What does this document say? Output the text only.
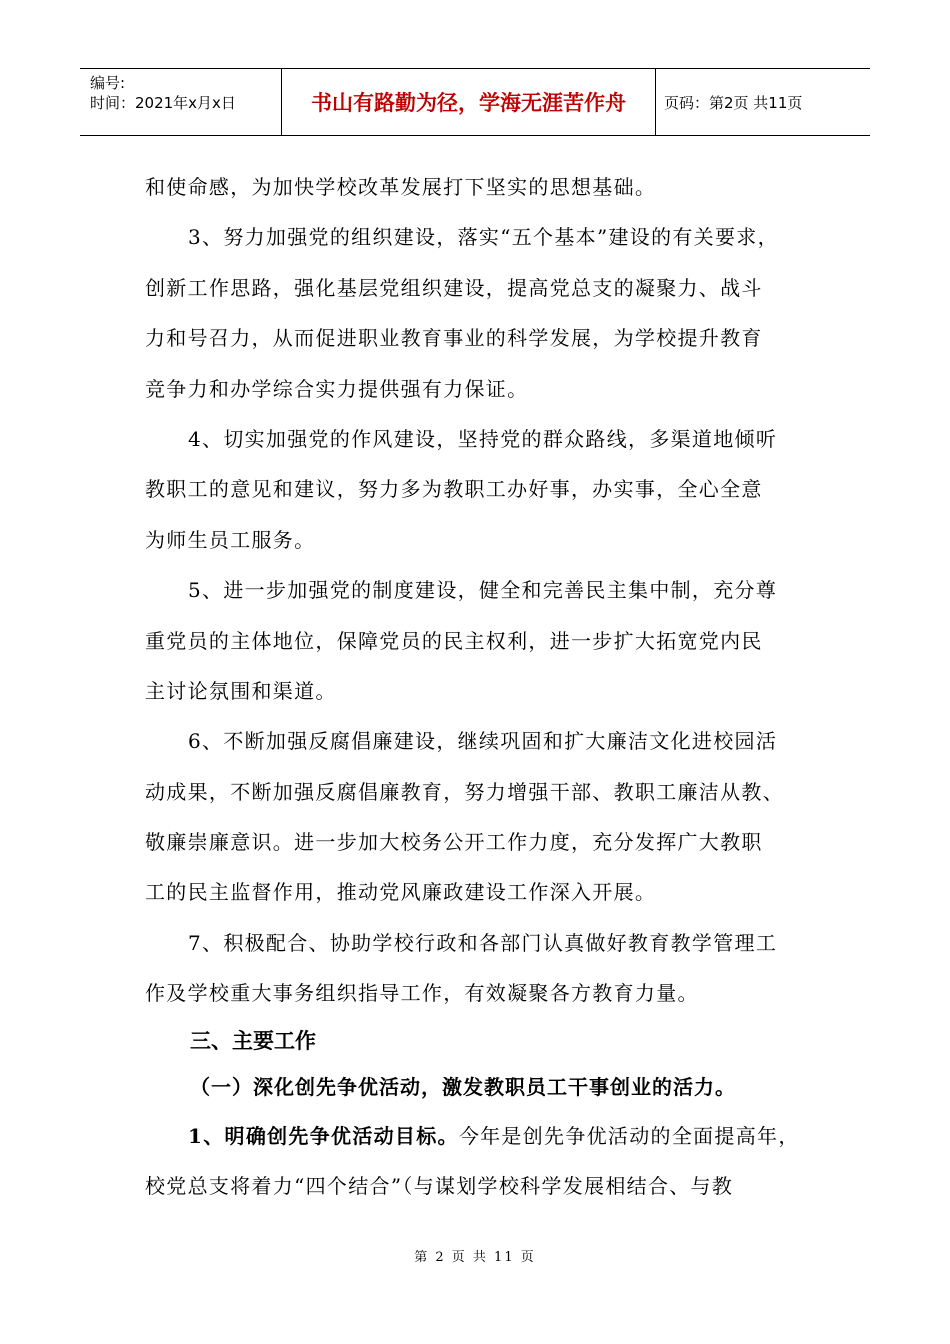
编号:
时间：2021年x月x日	书山有路勤为径，学海无涯苦作舟	页码：第2页 共11页
和使命感，为加快学校改革发展打下坚实的思想基础。
3、努力加强党的组织建设，落实“五个基本”建设的有关要求，
创新工作思路，强化基层党组织建设，提高党总支的凝聚力、战斗
力和号召力，从而促进职业教育事业的科学发展，为学校提升教育
竞争力和办学综合实力提供强有力保证。
4、切实加强党的作风建设，坚持党的群众路线，多渠道地倾听
教职工的意见和建议，努力多为教职工办好事，办实事，全心全意
为师生员工服务。
5、进一步加强党的制度建设，健全和完善民主集中制，充分尊
重党员的主体地位，保障党员的民主权利，进一步扩大拓宽党内民
主讨论氛围和渠道。
6、不断加强反腐倡廉建设，继续巩固和扩大廉洁文化进校园活
动成果，不断加强反腐倡廉教育，努力增强干部、教职工廉洁从教、
敬廉崇廉意识。进一步加大校务公开工作力度，充分发挥广大教职
工的民主监督作用，推动党风廉政建设工作深入开展。
7、积极配合、协助学校行政和各部门认真做好教育教学管理工
作及学校重大事务组织指导工作，有效凝聚各方教育力量。
三、主要工作
（一）深化创先争优活动，激发教职员工干事创业的活力。
1、明确创先争优活动目标。今年是创先争优活动的全面提高年，
校党总支将着力“四个结合”（与谋划学校科学发展相结合、与教
第 2 页 共 11 页
